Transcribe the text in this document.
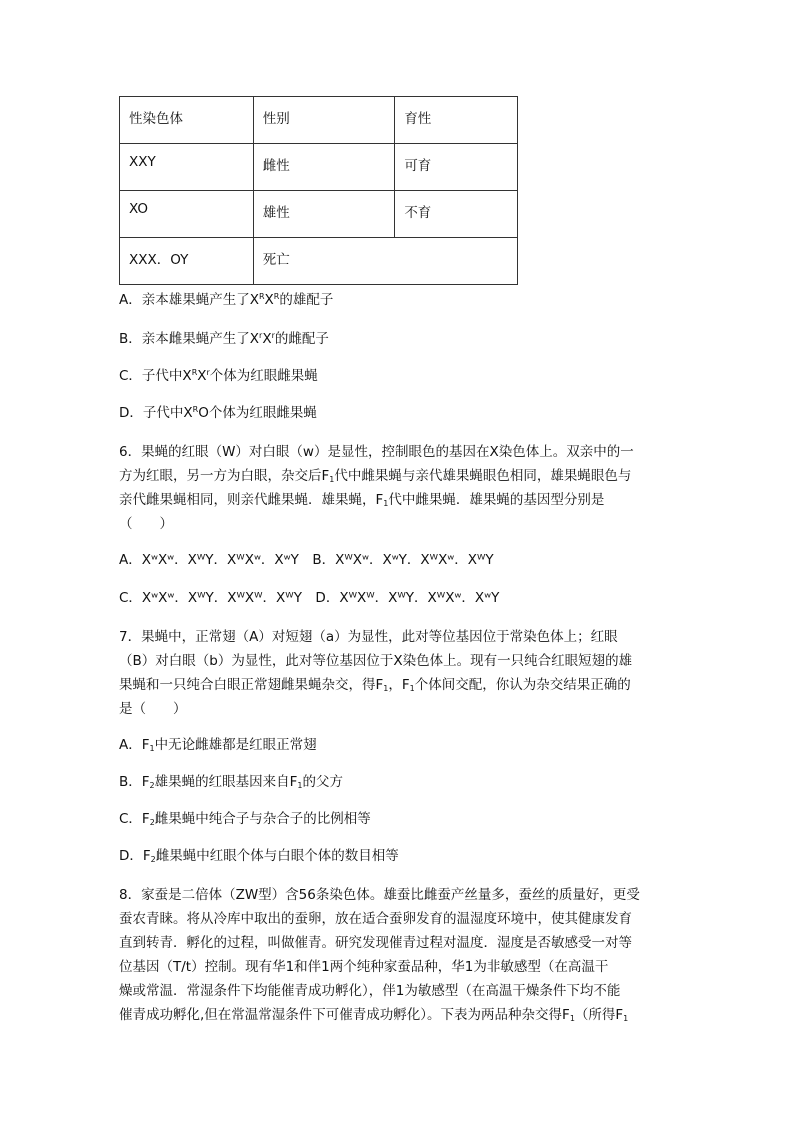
性染色体	性别	育性
XXY	雌性	可育
XO	雄性	不育
XXX．OY	死亡	
A．亲本雄果蝇产生了$X^RX^R$的雄配子
B．亲本雌果蝇产生了$X^rX^r$的雌配子
C．子代中$X^RX^r$个体为红眼雌果蝇
D．子代中$X^RO$个体为红眼雌果蝇
6．果蝇的红眼（W）对白眼（w）是显性，控制眼色的基因在X染色体上。双亲中的一
方为红眼，另一方为白眼，杂交后$F_1$代中雌果蝇与亲代雄果蝇眼色相同，雄果蝇眼色与
亲代雌果蝇相同，则亲代雌果蝇．雄果蝇，$F_1$代中雌果蝇．雄果蝇的基因型分别是
（　　）
A．XʷXʷ．XᵂY．XᵂXʷ．XʷY　B．XᵂXʷ．XʷY．XᵂXʷ．XᵂY
C．XʷXʷ．XᵂY．XᵂXᵂ．XᵂY　D．XᵂXᵂ．XᵂY．XᵂXʷ．XʷY
7．果蝇中，正常翅（A）对短翅（a）为显性，此对等位基因位于常染色体上；红眼
（B）对白眼（b）为显性，此对等位基因位于X染色体上。现有一只纯合红眼短翅的雄
果蝇和一只纯合白眼正常翅雌果蝇杂交，得$F_1$，$F_1$个体间交配，你认为杂交结果正确的
是（　　）
A．$F_1$中无论雌雄都是红眼正常翅
B．$F_2$雄果蝇的红眼基因来自$F_1$的父方
C．$F_2$雌果蝇中纯合子与杂合子的比例相等
D．$F_2$雌果蝇中红眼个体与白眼个体的数目相等
8．家蚕是二倍体（ZW型）含56条染色体。雄蚕比雌蚕产丝量多，蚕丝的质量好，更受
蚕农青睐。将从冷库中取出的蚕卵，放在适合蚕卵发育的温湿度环境中，使其健康发育
直到转青．孵化的过程，叫做催青。研究发现催青过程对温度．湿度是否敏感受一对等
位基因（T/t）控制。现有华1和伴1两个纯种家蚕品种，华1为非敏感型（在高温干
燥或常温．常湿条件下均能催青成功孵化），伴1为敏感型（在高温干燥条件下均不能
催青成功孵化,但在常温常湿条件下可催青成功孵化）。下表为两品种杂交得$F_1$（所得$F_1$
